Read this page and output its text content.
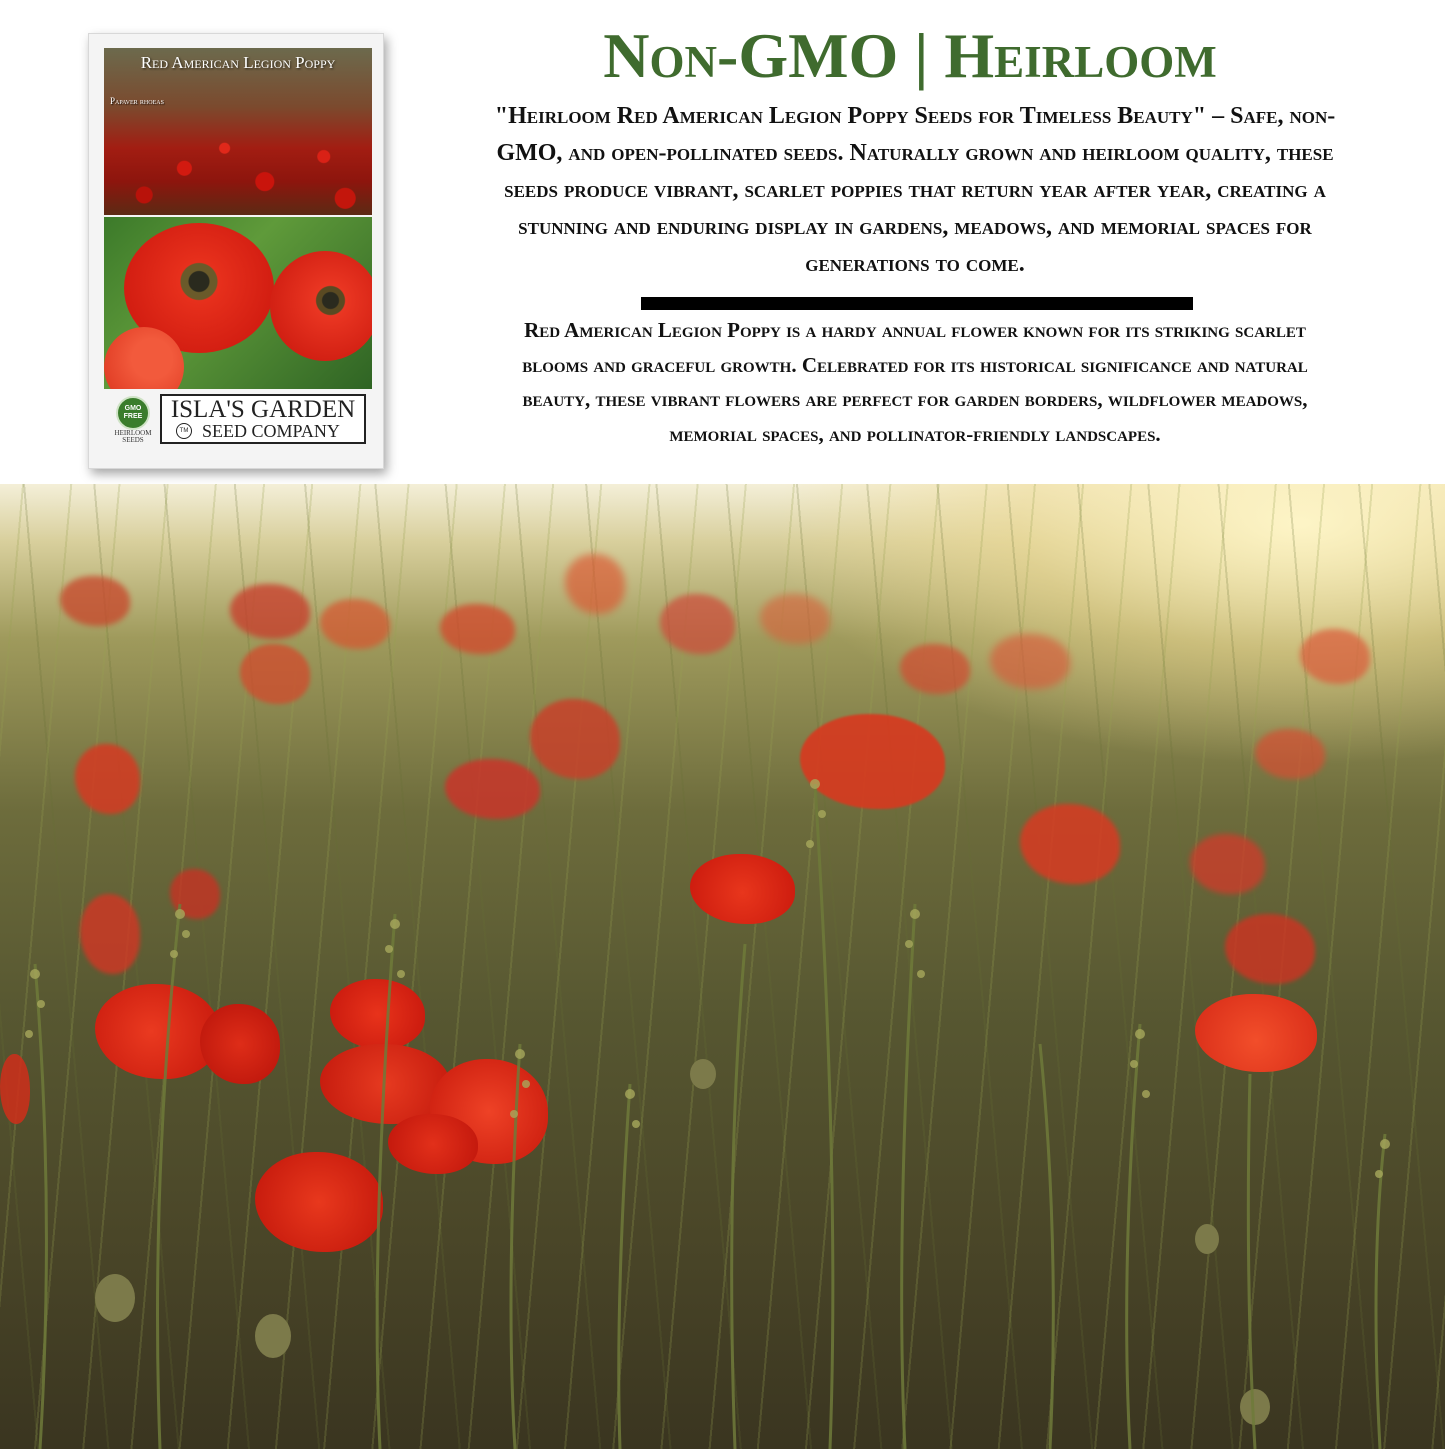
Red American Legion Poppy
Papaver rhoeas
GMO FREE
HEIRLOOM SEEDS
ISLA'S GARDEN
TM SEED COMPANY
Non-GMO | Heirloom
"Heirloom Red American Legion Poppy Seeds for Timeless Beauty" – Safe, non-GMO, and open-pollinated seeds. Naturally grown and heirloom quality, these seeds produce vibrant, scarlet poppies that return year after year, creating a stunning and enduring display in gardens, meadows, and memorial spaces for generations to come.
Red American Legion Poppy is a hardy annual flower known for its striking scarlet blooms and graceful growth. Celebrated for its historical significance and natural beauty, these vibrant flowers are perfect for garden borders, wildflower meadows, memorial spaces, and pollinator-friendly landscapes.
